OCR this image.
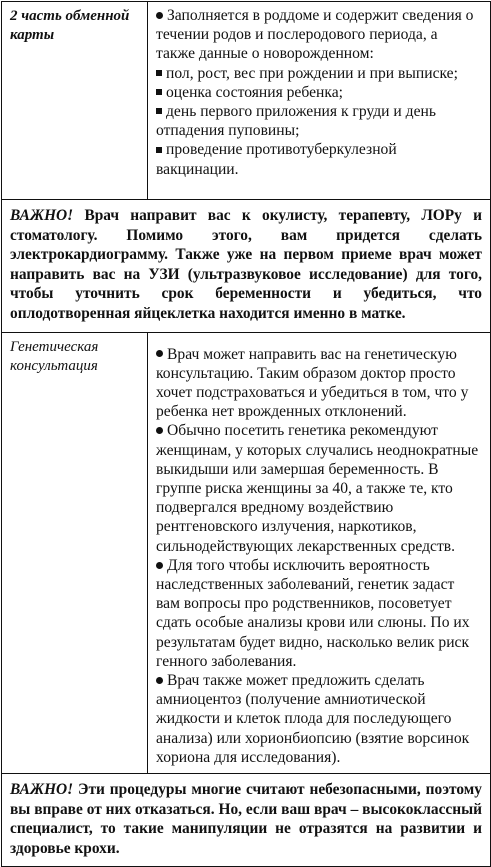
2 часть обменной карты	Заполняется в роддоме и содержит сведения о течении родов и послеродового периода, а также данные о новорожденном:

пол, рост, вес при рождении и при выписке;

оценка состояния ребенка;

день первого приложения к груди и день отпадения пуповины;

проведение противотуберкулезной вакцинации.

ВАЖНО! Врач направит вас к окулисту, терапевту, ЛОРу и стоматологу. Помимо этого, вам придется сделать электрокардиограмму. Также уже на первом приеме врач может направить вас на УЗИ (ультразвуковое исследование) для того, чтобы уточнить срок беременности и убедиться, что оплодотворенная яйцеклетка находится именно в матке.	
Генетическая консультация	Врач может направить вас на генетическую консультацию. Таким образом доктор просто хочет подстраховаться и убедиться в том, что у ребенка нет врожденных отклонений.

Обычно посетить генетика рекомендуют женщинам, у которых случались неоднократные выкидыши или замершая беременность. В группе риска женщины за 40, а также те, кто подвергался вредному воздействию рентгеновского излучения, наркотиков, сильнодействующих лекарственных средств.

Для того чтобы исключить вероятность наследственных заболеваний, генетик задаст вам вопросы про родственников, посоветует сдать особые анализы крови или слюны. По их результатам будет видно, насколько велик риск генного заболевания.

Врач также может предложить сделать амниоцентоз (получение амниотической жидкости и клеток плода для последующего анализа) или хорионбиопсию (взятие ворсинок хориона для исследования).

ВАЖНО! Эти процедуры многие считают небезопасными, поэтому вы вправе от них отказаться. Но, если ваш врач – высококлассный специалист, то такие манипуляции не отразятся на развитии и здоровье крохи.	
